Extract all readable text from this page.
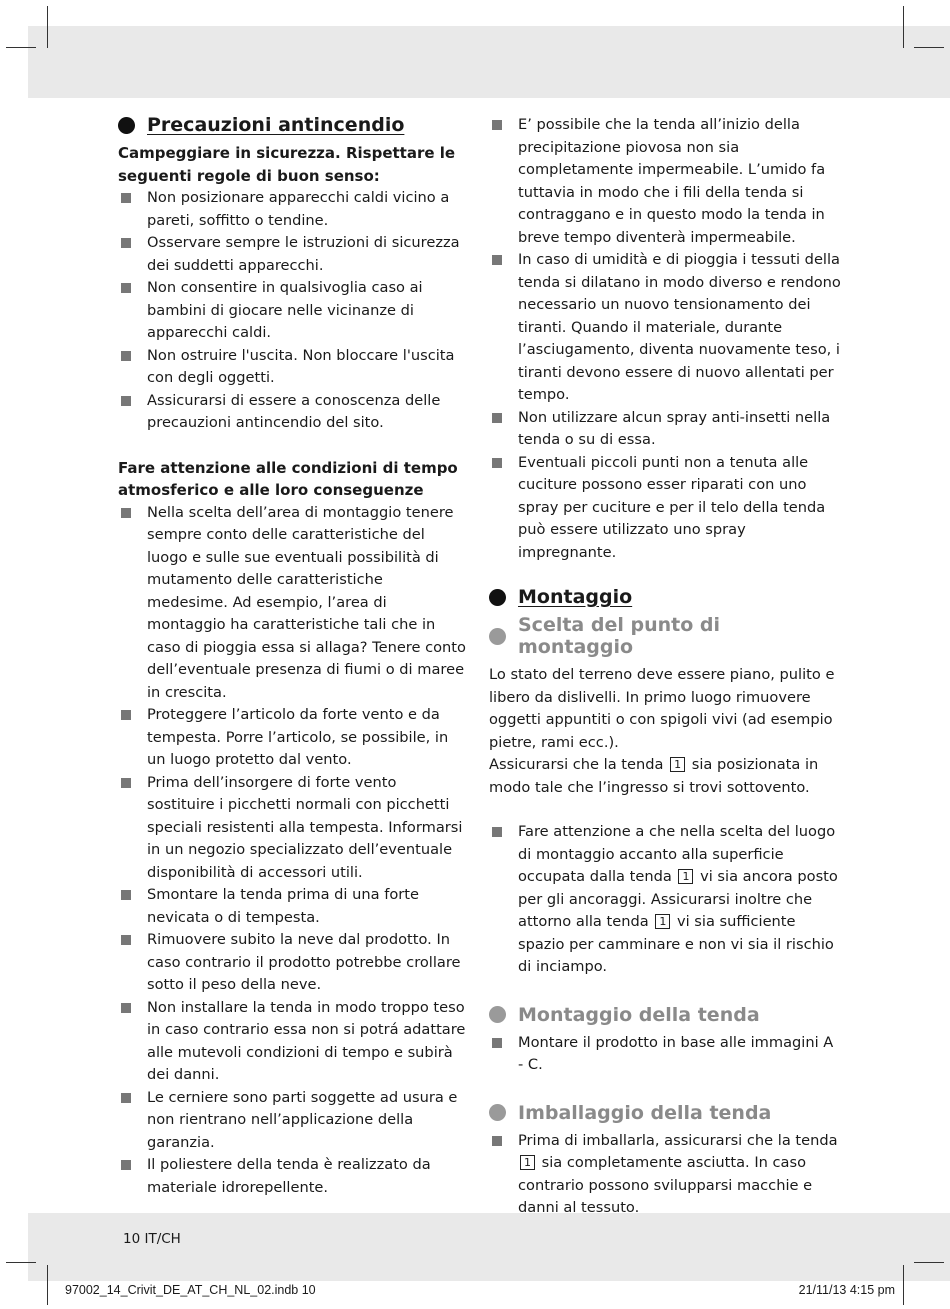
Precauzioni antincendio

Campeggiare in sicurezza. Rispettare le seguenti regole di buon senso:

Non posizionare apparecchi caldi vicino a pareti, soffitto o tendine.
Osservare sempre le istruzioni di sicurezza dei suddetti apparecchi.
Non consentire in qualsivoglia caso ai bambini di giocare nelle vicinanze di apparecchi caldi.
Non ostruire l'uscita. Non bloccare l'uscita con degli oggetti.
Assicurarsi di essere a conoscenza delle precauzioni antincendio del sito.

Fare attenzione alle condizioni di tempo atmosferico e alle loro conseguenze

Nella scelta dell’area di montaggio tenere sempre conto delle caratteristiche del luogo e sulle sue eventuali possibilità di mutamento delle caratteristiche medesime. Ad esempio, l’area di montaggio ha caratteristiche tali che in caso di pioggia essa si allaga? Tenere conto dell’eventuale presenza di fiumi o di maree in crescita.
Proteggere l’articolo da forte vento e da tempesta. Porre l’articolo, se possibile, in un luogo protetto dal vento.
Prima dell’insorgere di forte vento sostituire i picchetti normali con picchetti speciali resistenti alla tempesta. Informarsi in un negozio specializzato dell’eventuale disponibilità di accessori utili.
Smontare la tenda prima di una forte nevicata o di tempesta.
Rimuovere subito la neve dal prodotto. In caso contrario il prodotto potrebbe crollare sotto il peso della neve.
Non installare la tenda in modo troppo teso in caso contrario essa non si potrá adattare alle mutevoli condizioni di tempo e subirà dei danni.
Le cerniere sono parti soggette ad usura e non rientrano nell’applicazione della garanzia.
Il poliestere della tenda è realizzato da materiale idrorepellente.
E’ possibile che la tenda all’inizio della precipitazione piovosa non sia completamente impermeabile. L’umido fa tuttavia in modo che i fili della tenda si contraggano e in questo modo la tenda in breve tempo diventerà impermeabile.
In caso di umidità e di pioggia i tessuti della tenda si dilatano in modo diverso e rendono necessario un nuovo tensionamento dei tiranti. Quando il materiale, durante l’asciugamento, diventa nuovamente teso, i tiranti devono essere di nuovo allentati per tempo.
Non utilizzare alcun spray anti-insetti nella tenda o su di essa.
Eventuali piccoli punti non a tenuta alle cuciture possono esser riparati con uno spray per cuciture e per il telo della tenda può essere utilizzato uno spray impregnante.
Montaggio
Scelta del punto di montaggio

Lo stato del terreno deve essere piano, pulito e libero da dislivelli. In primo luogo rimuovere oggetti appuntiti o con spigoli vivi (ad esempio pietre, rami ecc.).

Assicurarsi che la tenda 1 sia posizionata in modo tale che l’ingresso si trovi sottovento.

Fare attenzione a che nella scelta del luogo di montaggio accanto alla superficie occupata dalla tenda 1 vi sia ancora posto per gli ancoraggi. Assicurarsi inoltre che attorno alla tenda 1 vi sia sufficiente spazio per camminare e non vi sia il rischio di inciampo.
Montaggio della tenda
Montare il prodotto in base alle immagini A - C.
Imballaggio della tenda
Prima di imballarla, assicurarsi che la tenda 1 sia completamente asciutta. In caso contrario possono svilupparsi macchie e danni al tessuto.
10 IT/CH
97002_14_Crivit_DE_AT_CH_NL_02.indb 10	21/11/13 4:15 pm
